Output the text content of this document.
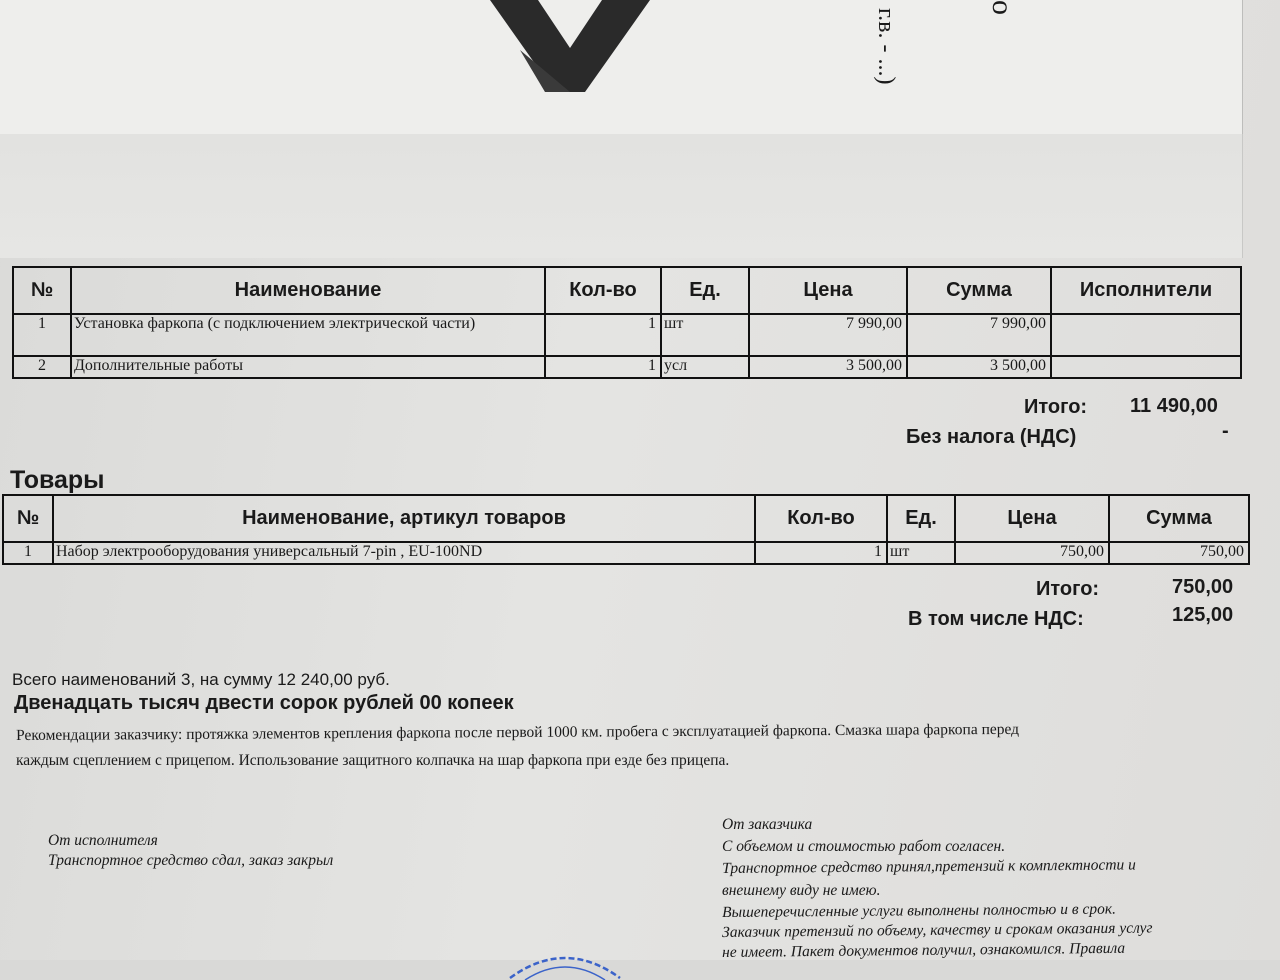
г.в. - ...)
о
№	Наименование	Кол-во	Ед.	Цена	Сумма	Исполнители
1	Установка фаркопа (с подключением электрической части)	1	шт	7 990,00	7 990,00	
2	Дополнительные работы	1	усл	3 500,00	3 500,00	
Итого: 11 490,00
Без налога (НДС)	-
Товары
№	Наименование, артикул товаров	Кол-во	Ед.	Цена	Сумма
1	Набор электрооборудования универсальный 7-pin , EU-100ND	1	шт	750,00	750,00
Итого:	750,00
В том числе НДС:	125,00
Всего наименований 3, на сумму 12 240,00 руб.
Двенадцать тысяч двести сорок рублей 00 копеек
Рекомендации заказчику: протяжка элементов крепления фаркопа после первой 1000 км. пробега с эксплуатацией фаркопа. Смазка шара фаркопа перед
каждым сцеплением с прицепом. Использование защитного колпачка на шар фаркопа при езде без прицепа.
От исполнителя
Транспортное средство сдал, заказ закрыл
От заказчика
С объемом и стоимостью работ согласен.
Транспортное средство принял,претензий к комплектности и
внешнему виду не имею.
Вышеперечисленные услуги выполнены полностью и в срок.
Заказчик претензий по объему, качеству и срокам оказания услуг
не имеет. Пакет документов получил, ознакомился. Правила
